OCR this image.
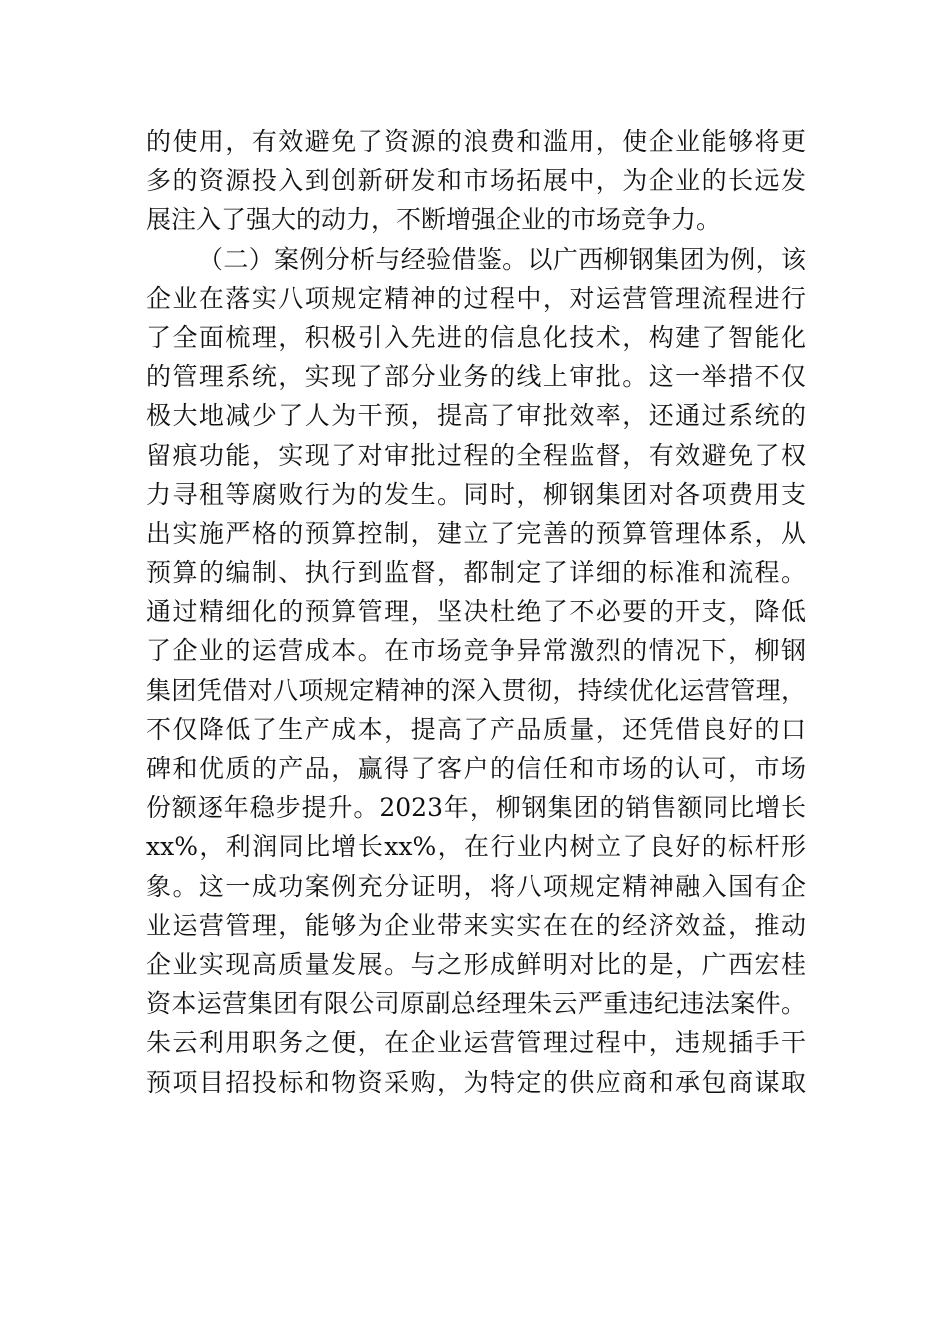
的使用，有效避免了资源的浪费和滥用，使企业能够将更
多的资源投入到创新研发和市场拓展中，为企业的长远发
展注入了强大的动力，不断增强企业的市场竞争力。
（二）案例分析与经验借鉴。以广西柳钢集团为例，该
企业在落实八项规定精神的过程中，对运营管理流程进行
了全面梳理，积极引入先进的信息化技术，构建了智能化
的管理系统，实现了部分业务的线上审批。这一举措不仅
极大地减少了人为干预，提高了审批效率，还通过系统的
留痕功能，实现了对审批过程的全程监督，有效避免了权
力寻租等腐败行为的发生。同时，柳钢集团对各项费用支
出实施严格的预算控制，建立了完善的预算管理体系，从
预算的编制、执行到监督，都制定了详细的标准和流程。
通过精细化的预算管理，坚决杜绝了不必要的开支，降低
了企业的运营成本。在市场竞争异常激烈的情况下，柳钢
集团凭借对八项规定精神的深入贯彻，持续优化运营管理，
不仅降低了生产成本，提高了产品质量，还凭借良好的口
碑和优质的产品，赢得了客户的信任和市场的认可，市场
份额逐年稳步提升。2023年，柳钢集团的销售额同比增长
xx%，利润同比增长xx%，在行业内树立了良好的标杆形
象。这一成功案例充分证明，将八项规定精神融入国有企
业运营管理，能够为企业带来实实在在的经济效益，推动
企业实现高质量发展。与之形成鲜明对比的是，广西宏桂
资本运营集团有限公司原副总经理朱云严重违纪违法案件。
朱云利用职务之便，在企业运营管理过程中，违规插手干
预项目招投标和物资采购，为特定的供应商和承包商谋取
